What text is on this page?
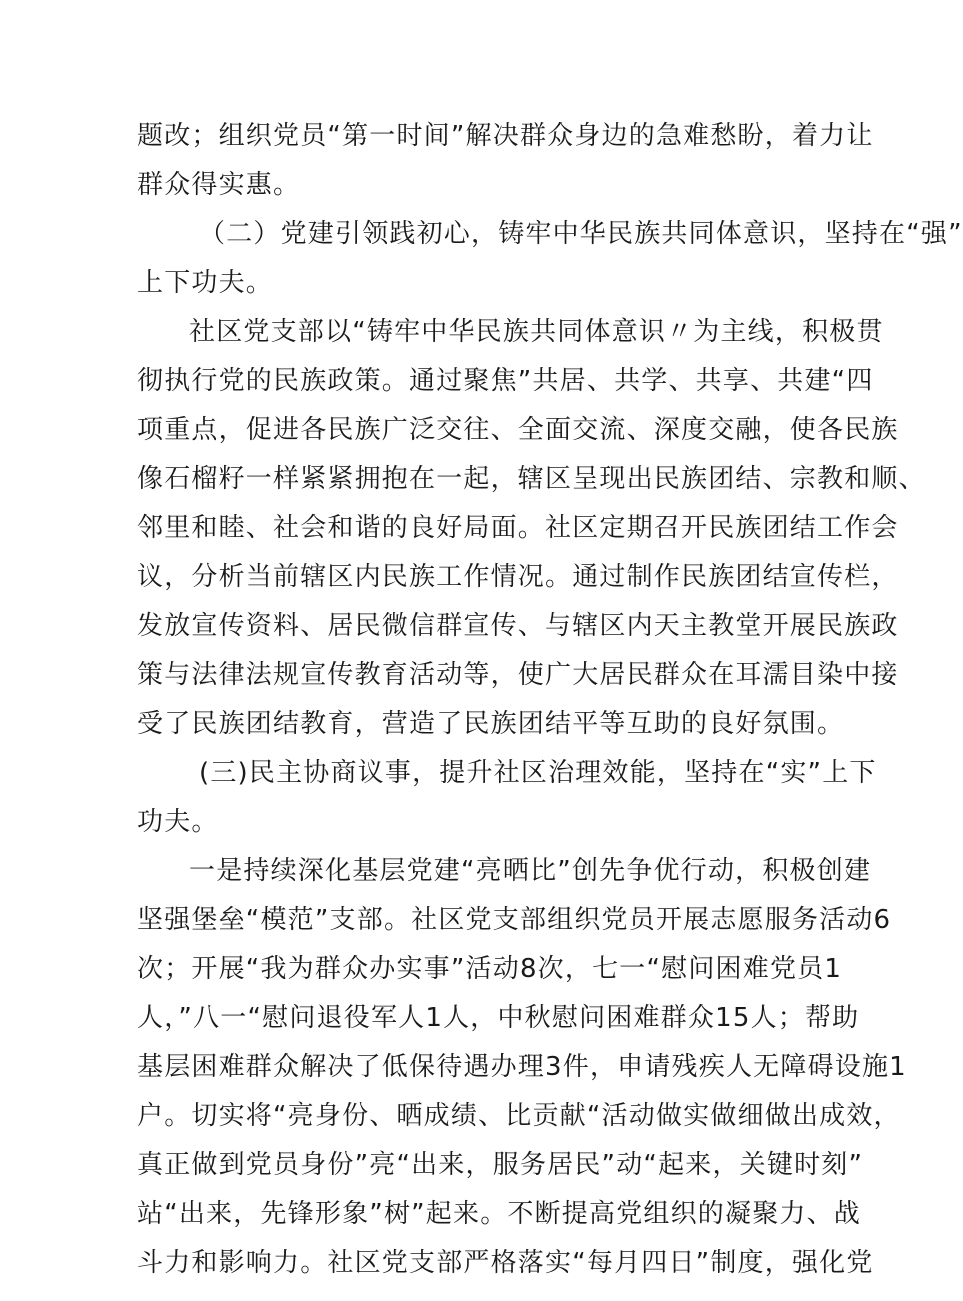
题改；组织党员“第一时间”解决群众身边的急难愁盼，着力让
群众得实惠。
（二）党建引领践初心，铸牢中华民族共同体意识，坚持在“强”
上下功夫。
社区党支部以“铸牢中华民族共同体意识〃为主线，积极贯
彻执行党的民族政策。通过聚焦”共居、共学、共享、共建“四
项重点，促进各民族广泛交往、全面交流、深度交融，使各民族
像石榴籽一样紧紧拥抱在一起，辖区呈现出民族团结、宗教和顺、
邻里和睦、社会和谐的良好局面。社区定期召开民族团结工作会
议，分析当前辖区内民族工作情况。通过制作民族团结宣传栏，
发放宣传资料、居民微信群宣传、与辖区内天主教堂开展民族政
策与法律法规宣传教育活动等，使广大居民群众在耳濡目染中接
受了民族团结教育，营造了民族团结平等互助的良好氛围。
(三)民主协商议事，提升社区治理效能，坚持在“实”上下
功夫。
一是持续深化基层党建“亮晒比”创先争优行动，积极创建
坚强堡垒“模范”支部。社区党支部组织党员开展志愿服务活动6
次；开展“我为群众办实事”活动8次，七一“慰问困难党员1
人，”八一“慰问退役军人1人，中秋慰问困难群众15人；帮助
基层困难群众解决了低保待遇办理3件，申请残疾人无障碍设施1
户。切实将“亮身份、晒成绩、比贡献“活动做实做细做出成效，
真正做到党员身份”亮“出来，服务居民”动“起来，关键时刻”
站“出来，先锋形象”树”起来。不断提高党组织的凝聚力、战
斗力和影响力。社区党支部严格落实“每月四日”制度，强化党
